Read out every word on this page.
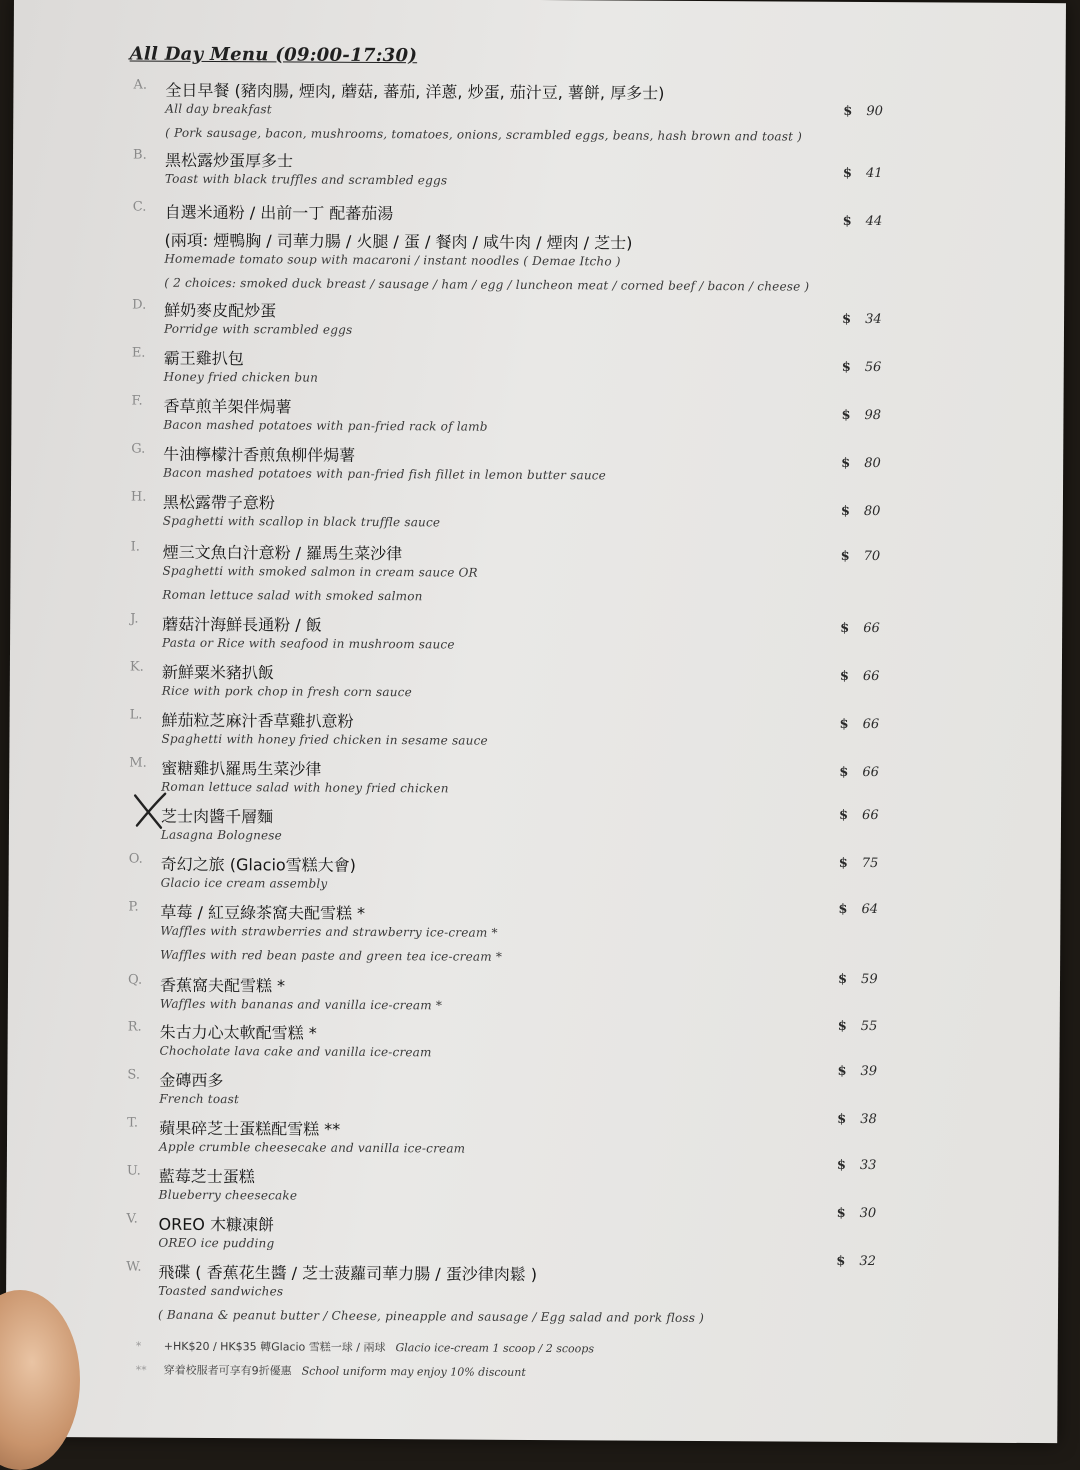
All Day Menu (09:00-17:30)
A. 全日早餐 (豬肉腸, 煙肉, 蘑菇, 蕃茄, 洋蔥, 炒蛋, 茄汁豆, 薯餅, 厚多士)
All day breakfast
( Pork sausage, bacon, mushrooms, tomatoes, onions, scrambled eggs, beans, hash brown and toast )
$ 90
B. 黑松露炒蛋厚多士
Toast with black truffles and scrambled eggs	$ 41
C. 自選米通粉 / 出前一丁 配蕃茄湯
(兩項: 煙鴨胸 / 司華力腸 / 火腿 / 蛋 / 餐肉 / 咸牛肉 / 煙肉 / 芝士)
Homemade tomato soup with macaroni / instant noodles ( Demae Itcho )
( 2 choices: smoked duck breast / sausage / ham / egg / luncheon meat / corned beef / bacon / cheese )
$ 44
D. 鮮奶麥皮配炒蛋
Porridge with scrambled eggs
$ 34
E. 霸王雞扒包
Honey fried chicken bun
$ 56
F. 香草煎羊架伴焗薯
Bacon mashed potatoes with pan-fried rack of lamb
$ 98
G. 牛油檸檬汁香煎魚柳伴焗薯
Bacon mashed potatoes with pan-fried fish fillet in lemon butter sauce
$ 80
H. 黑松露帶子意粉
Spaghetti with scallop in black truffle sauce
$ 80
I. 煙三文魚白汁意粉 / 羅馬生菜沙律
Spaghetti with smoked salmon in cream sauce OR
Roman lettuce salad with smoked salmon
$ 70
J. 蘑菇汁海鮮長通粉 / 飯
Pasta or Rice with seafood in mushroom sauce
$ 66
K. 新鮮粟米豬扒飯
Rice with pork chop in fresh corn sauce
$ 66
L. 鮮茄粒芝麻汁香草雞扒意粉
Spaghetti with honey fried chicken in sesame sauce
$ 66
M. 蜜糖雞扒羅馬生菜沙律
Roman lettuce salad with honey fried chicken
$ 66
芝士肉醬千層麵
Lasagna Bolognese
$ 66
O. 奇幻之旅 (Glacio雪糕大會)
Glacio ice cream assembly
$ 75
P. 草莓 / 紅豆綠茶窩夫配雪糕 *
Waffles with strawberries and strawberry ice-cream *
Waffles with red bean paste and green tea ice-cream *
$ 64
Q. 香蕉窩夫配雪糕 *
Waffles with bananas and vanilla ice-cream *
$ 59
R. 朱古力心太軟配雪糕 *
Chocholate lava cake and vanilla ice-cream
$ 55
S. 金磚西多
French toast
$ 39
T. 蘋果碎芝士蛋糕配雪糕 **
Apple crumble cheesecake and vanilla ice-cream
$ 38
U. 藍莓芝士蛋糕
Blueberry cheesecake
$ 33
V. OREO 木糠凍餅
OREO ice pudding
$ 30
W. 飛碟 ( 香蕉花生醬 / 芝士菠蘿司華力腸 / 蛋沙律肉鬆 )
Toasted sandwiches
( Banana & peanut butter / Cheese, pineapple and sausage / Egg salad and pork floss )
$ 32
* +HK$20 / HK$35 轉Glacio 雪糕一球 / 兩球 Glacio ice-cream 1 scoop / 2 scoops
** 穿着校服者可享有9折優惠 School uniform may enjoy 10% discount
